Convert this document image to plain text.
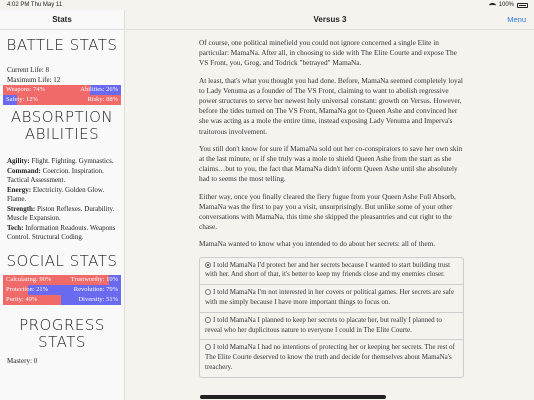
4:02 PM Thu May 11	100%
Stats
BATTLE STATS
Current Life: 8
Maximum Life: 12
Weapons: 74%	Abilities: 26%
Safety: 12%	Risky: 88%
ABSORPTION ABILITIES
Agility: Flight. Fighting. Gymnastics.
Command: Coercion. Inspiration. Tactical Assessment.
Energy: Electricity. Golden Glow. Flame.
Strength: Piston Reflexes. Durability. Muscle Expansion.
Tech: Information Readouts. Weapons Control. Structural Coding.
SOCIAL STATS
Calculating: 90%	Trustworthy: 10%
Protection: 21%	Revolution: 79%
Purity: 49%	Diversity: 51%
PROGRESS STATS
Mastery: 0
Versus 3	Menu

Of course, one political minefield you could not ignore concerned a single Elite in particular: MamaNa. After all, in choosing to side with The Elite Courte and expose The VS Front, you, Grog, and Todrick "betrayed" MamaNa.

At least, that's what you thought you had done. Before, MamaNa seemed completely loyal to Lady Venuma as a founder of The VS Front, claiming to want to abolish regressive power structures to serve her newest holy universal constant: growth on Versus. However, before the tides turned on The VS Front, MamaNa got to Queen Ashe and convinced her she was acting as a mole the entire time, instead exposing Lady Venuma and Imperva's traitorous involvement.

You still don't know for sure if MamaNa sold out her co-conspirators to save her own skin at the last minute, or if she truly was a mole to shield Queen Ashe from the start as she claims…but to you, the fact that MamaNa didn't inform Queen Ashe until she absolutely had to seems the most telling.

Either way, once you finally cleared the fiery fugue from your Queen Ashe Full Absorb, MamaNa was the first to pay you a visit, unsurprisingly. But unlike some of your other conversations with MamaNa, this time she skipped the pleasantries and cut right to the chase.

MamaNa wanted to know what you intended to do about her secrets: all of them.

I told MamaNa I'd protect her and her secrets because I wanted to start building trust with her. And short of that, it's better to keep my friends close and my enemies closer.
I told MamaNa I'm not interested in her covers or political games. Her secrets are safe with me simply because I have more important things to focus on.
I told MamaNa I planned to keep her secrets to placate her, but really I planned to reveal who her duplicitous nature to everyone I could in The Elite Courte.
I told MamaNa I had no intentions of protecting her or keeping her secrets. The rest of The Elite Courte deserved to know the truth and decide for themselves about MamaNa's treachery.
